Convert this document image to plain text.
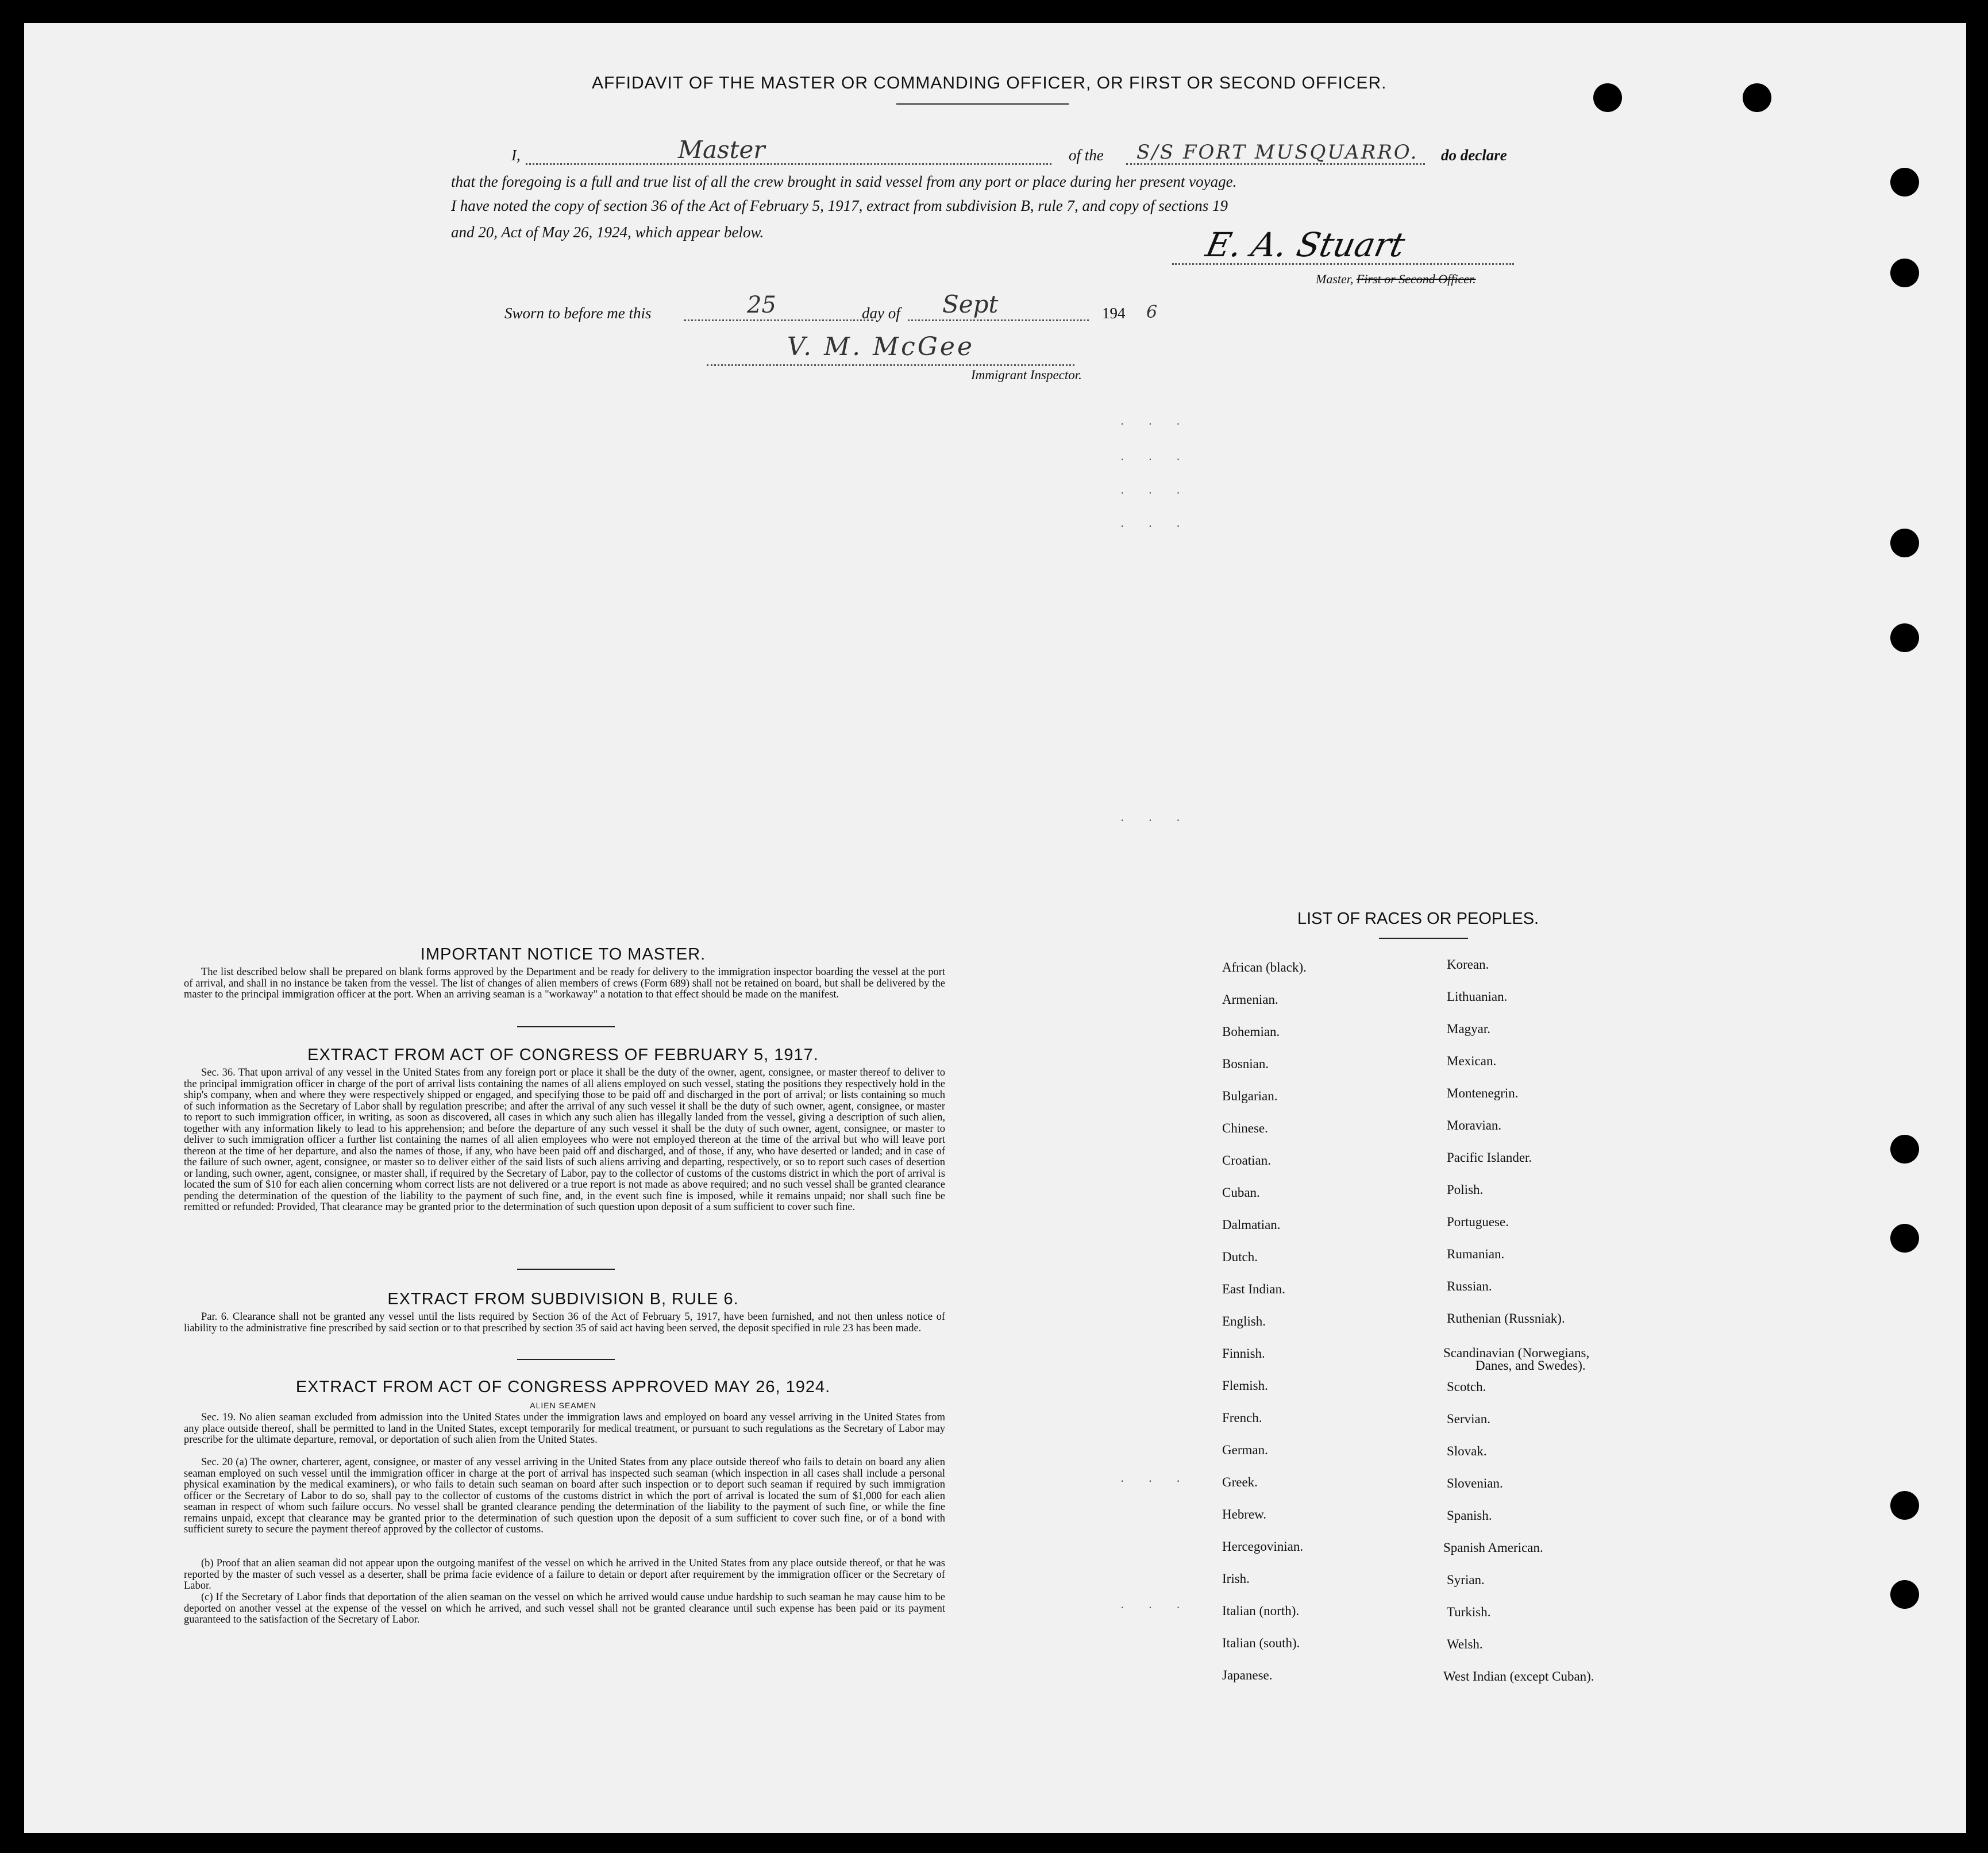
AFFIDAVIT OF THE MASTER OR COMMANDING OFFICER, OR FIRST OR SECOND OFFICER.
I,	Master	of the S/S FORT MUSQUARRO. do declare
that the foregoing is a full and true list of all the crew brought in said vessel from any port or place during her present voyage.
I have noted the copy of section 36 of the Act of February 5, 1917, extract from subdivision B, rule 7, and copy of sections 19
and 20, Act of May 26, 1924, which appear below.	E. A. Stuart
Master, First or Second Officer.
Sworn to before me this	25	day of Sept	194 6
V. M. McGee
Immigrant Inspector.
. . .
. . .
. . .
. . .
. . .
. . .
. . .
IMPORTANT NOTICE TO MASTER.
The list described below shall be prepared on blank forms approved by the Department and be ready for delivery to the immigration inspector boarding the vessel at the port of arrival, and shall in no instance be taken from the vessel. The list of changes of alien members of crews (Form 689) shall not be retained on board, but shall be delivered by the master to the principal immigration officer at the port. When an arriving seaman is a "workaway" a notation to that effect should be made on the manifest.
EXTRACT FROM ACT OF CONGRESS OF FEBRUARY 5, 1917.
Sec. 36. That upon arrival of any vessel in the United States from any foreign port or place it shall be the duty of the owner, agent, consignee, or master thereof to deliver to the principal immigration officer in charge of the port of arrival lists containing the names of all aliens employed on such vessel, stating the positions they respectively hold in the ship's company, when and where they were respectively shipped or engaged, and specifying those to be paid off and discharged in the port of arrival; or lists containing so much of such information as the Secretary of Labor shall by regulation prescribe; and after the arrival of any such vessel it shall be the duty of such owner, agent, consignee, or master to report to such immigration officer, in writing, as soon as discovered, all cases in which any such alien has illegally landed from the vessel, giving a description of such alien, together with any information likely to lead to his apprehension; and before the departure of any such vessel it shall be the duty of such owner, agent, consignee, or master to deliver to such immigration officer a further list containing the names of all alien employees who were not employed thereon at the time of the arrival but who will leave port thereon at the time of her departure, and also the names of those, if any, who have been paid off and discharged, and of those, if any, who have deserted or landed; and in case of the failure of such owner, agent, consignee, or master so to deliver either of the said lists of such aliens arriving and departing, respectively, or so to report such cases of desertion or landing, such owner, agent, consignee, or master shall, if required by the Secretary of Labor, pay to the collector of customs of the customs district in which the port of arrival is located the sum of $10 for each alien concerning whom correct lists are not delivered or a true report is not made as above required; and no such vessel shall be granted clearance pending the determination of the question of the liability to the payment of such fine, and, in the event such fine is imposed, while it remains unpaid; nor shall such fine be remitted or refunded: Provided, That clearance may be granted prior to the determination of such question upon deposit of a sum sufficient to cover such fine.
EXTRACT FROM SUBDIVISION B, RULE 6.
Par. 6. Clearance shall not be granted any vessel until the lists required by Section 36 of the Act of February 5, 1917, have been furnished, and not then unless notice of liability to the administrative fine prescribed by said section or to that prescribed by section 35 of said act having been served, the deposit specified in rule 23 has been made.
EXTRACT FROM ACT OF CONGRESS APPROVED MAY 26, 1924.
ALIEN SEAMEN
Sec. 19. No alien seaman excluded from admission into the United States under the immigration laws and employed on board any vessel arriving in the United States from any place outside thereof, shall be permitted to land in the United States, except temporarily for medical treatment, or pursuant to such regulations as the Secretary of Labor may prescribe for the ultimate departure, removal, or deportation of such alien from the United States.
Sec. 20 (a) The owner, charterer, agent, consignee, or master of any vessel arriving in the United States from any place outside thereof who fails to detain on board any alien seaman employed on such vessel until the immigration officer in charge at the port of arrival has inspected such seaman (which inspection in all cases shall include a personal physical examination by the medical examiners), or who fails to detain such seaman on board after such inspection or to deport such seaman if required by such immigration officer or the Secretary of Labor to do so, shall pay to the collector of customs of the customs district in which the port of arrival is located the sum of $1,000 for each alien seaman in respect of whom such failure occurs. No vessel shall be granted clearance pending the determination of the liability to the payment of such fine, or while the fine remains unpaid, except that clearance may be granted prior to the determination of such question upon the deposit of a sum sufficient to cover such fine, or of a bond with sufficient surety to secure the payment thereof approved by the collector of customs.
(b) Proof that an alien seaman did not appear upon the outgoing manifest of the vessel on which he arrived in the United States from any place outside thereof, or that he was reported by the master of such vessel as a deserter, shall be prima facie evidence of a failure to detain or deport after requirement by the immigration officer or the Secretary of Labor.
(c) If the Secretary of Labor finds that deportation of the alien seaman on the vessel on which he arrived would cause undue hardship to such seaman he may cause him to be deported on another vessel at the expense of the vessel on which he arrived, and such vessel shall not be granted clearance until such expense has been paid or its payment guaranteed to the satisfaction of the Secretary of Labor.
LIST OF RACES OR PEOPLES.
African (black).
Armenian.
Bohemian.
Bosnian.
Bulgarian.
Chinese.
Croatian.
Cuban.
Dalmatian.
Dutch.
East Indian.
English.
Finnish.
Flemish.
French.
German.
Greek.
Hebrew.
Hercegovinian.
Irish.
Italian (north).
Italian (south).
Japanese.
Korean.
Lithuanian.
Magyar.
Mexican.
Montenegrin.
Moravian.
Pacific Islander.
Polish.
Portuguese.
Rumanian.
Russian.
Ruthenian (Russniak).
Scandinavian (Norwegians,
Danes, and Swedes).
Scotch.
Servian.
Slovak.
Slovenian.
Spanish.
Spanish American.
Syrian.
Turkish.
Welsh.
West Indian (except Cuban).
